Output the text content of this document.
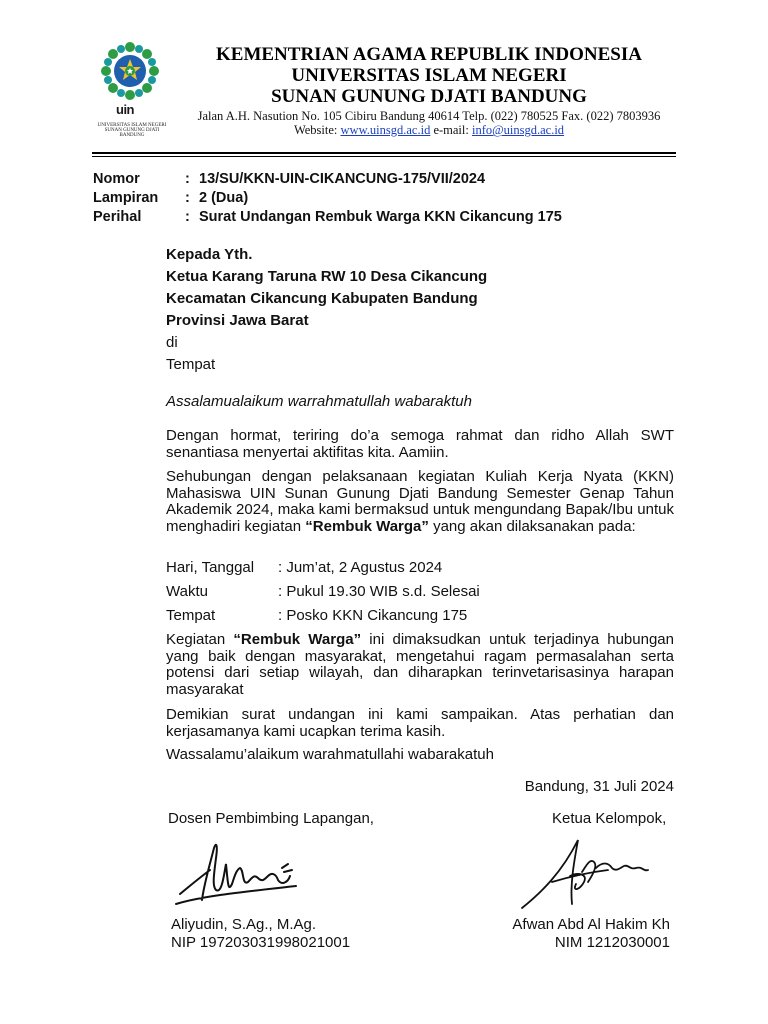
uin
UNIVERSITAS ISLAM NEGERI SUNAN GUNUNG DJATI BANDUNG
KEMENTRIAN AGAMA REPUBLIK INDONESIA
UNIVERSITAS ISLAM NEGERI
SUNAN GUNUNG DJATI BANDUNG
Jalan A.H. Nasution No. 105 Cibiru Bandung 40614 Telp. (022) 780525 Fax. (022) 7803936
Website: www.uinsgd.ac.id e-mail: info@uinsgd.ac.id
Nomor	: 13/SU/KKN-UIN-CIKANCUNG-175/VII/2024
Lampiran	: 2 (Dua)
Perihal	: Surat Undangan Rembuk Warga KKN Cikancung 175
Kepada Yth.
Ketua Karang Taruna RW 10 Desa Cikancung
Kecamatan Cikancung Kabupaten Bandung
Provinsi Jawa Barat
di
Tempat
Assalamualaikum warrahmatullah wabaraktuh
Dengan hormat, teriring do’a semoga rahmat dan ridho Allah SWT senantiasa menyertai aktifitas kita. Aamiin.
Sehubungan dengan pelaksanaan kegiatan Kuliah Kerja Nyata (KKN) Mahasiswa UIN Sunan Gunung Djati Bandung Semester Genap Tahun Akademik 2024, maka kami bermaksud untuk mengundang Bapak/Ibu untuk menghadiri kegiatan “Rembuk Warga” yang akan dilaksanakan pada:
Hari, Tanggal : Jum’at, 2 Agustus 2024
Waktu	: Pukul 19.30 WIB s.d. Selesai
Tempat	: Posko KKN Cikancung 175
Kegiatan “Rembuk Warga” ini dimaksudkan untuk terjadinya hubungan yang baik dengan masyarakat, mengetahui ragam permasalahan serta potensi dari setiap wilayah, dan diharapkan terinvetarisasinya harapan masyarakat
Demikian surat undangan ini kami sampaikan. Atas perhatian dan kerjasamanya kami ucapkan terima kasih.
Wassalamu’alaikum warahmatullahi wabarakatuh
Bandung, 31 Juli 2024
Dosen Pembimbing Lapangan,	Ketua Kelompok,
Aliyudin, S.Ag., M.Ag.
NIP 197203031998021001
Afwan Abd Al Hakim Kh
NIM 1212030001
